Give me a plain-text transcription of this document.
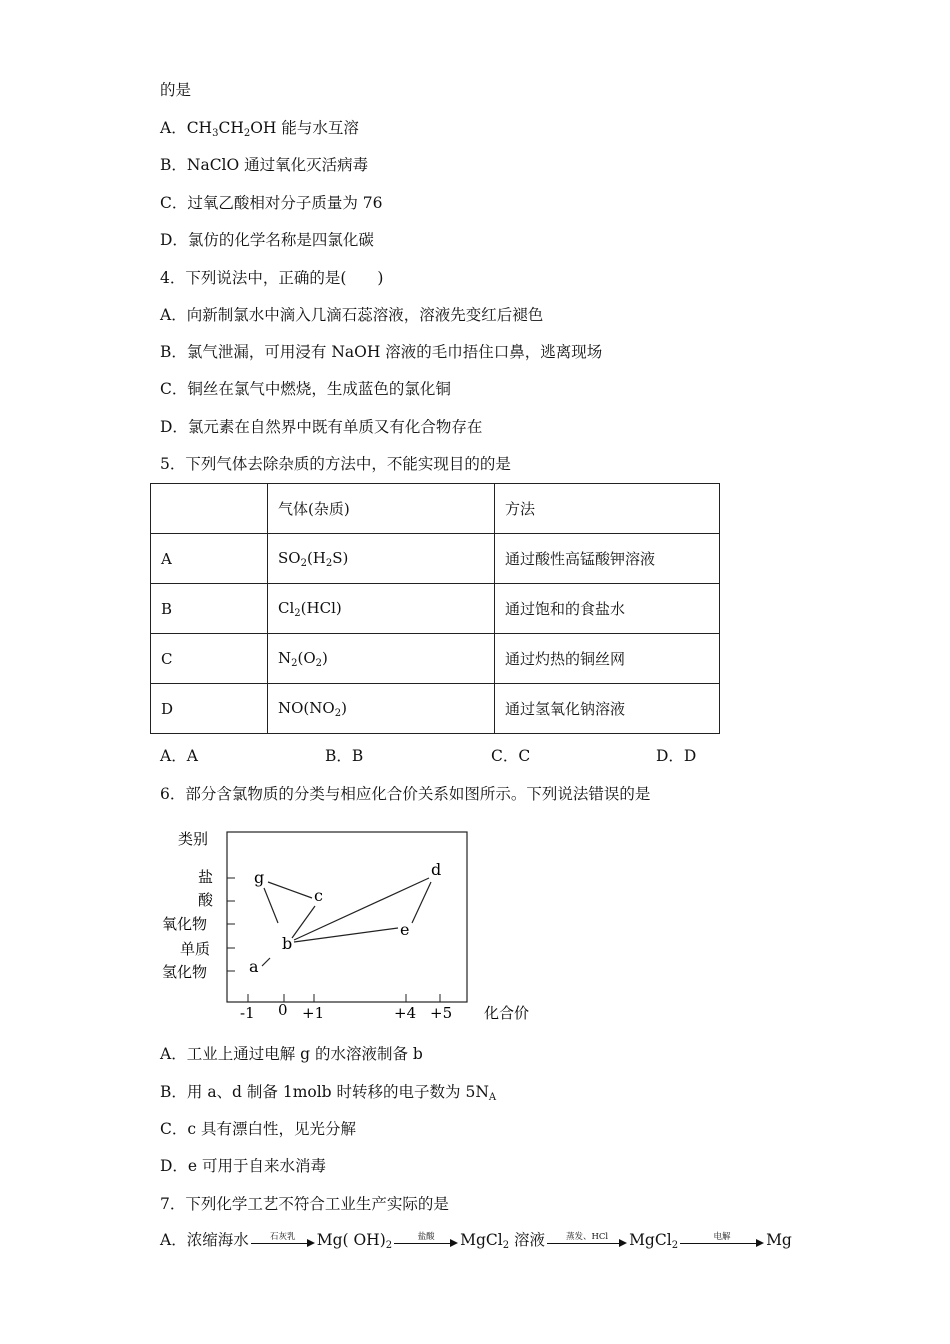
的是
A．$CH_3CH_2OH$ 能与水互溶
B．NaClO 通过氧化灭活病毒
C．过氧乙酸相对分子质量为 76
D．氯仿的化学名称是四氯化碳
4．下列说法中，正确的是(　　)
A．向新制氯水中滴入几滴石蕊溶液，溶液先变红后褪色
B．氯气泄漏，可用浸有 NaOH 溶液的毛巾捂住口鼻，逃离现场
C．铜丝在氯气中燃烧，生成蓝色的氯化铜
D．氯元素在自然界中既有单质又有化合物存在
5．下列气体去除杂质的方法中，不能实现目的的是
	气体(杂质)	方法
A	$SO_2(H_2S)$	通过酸性高锰酸钾溶液
B	$Cl_2(HCl)$	通过饱和的食盐水
C	$N_2(O_2)$	通过灼热的铜丝网
D	$NO(NO_2)$	通过氢氧化钠溶液
A．A	B．B	C．C	D．D
6．部分含氯物质的分类与相应化合价关系如图所示。下列说法错误的是
类别
盐
酸
氧化物
单质
氢化物
-1 0 +1	+4 +5 化合价
g
c
d
e
b
a
A．工业上通过电解 g 的水溶液制备 b
B．用 a、d 制备 1molb 时转移的电子数为 $5N_A$
C．c 具有漂白性，见光分解
D．e 可用于自来水消毒
7．下列化学工艺不符合工业生产实际的是
A．浓缩海水	石灰乳	Mg( $OH)_2$
盐酸	MgCl$_2$ 溶液	蒸发、HCl	MgCl$_2$
电解	Mg
